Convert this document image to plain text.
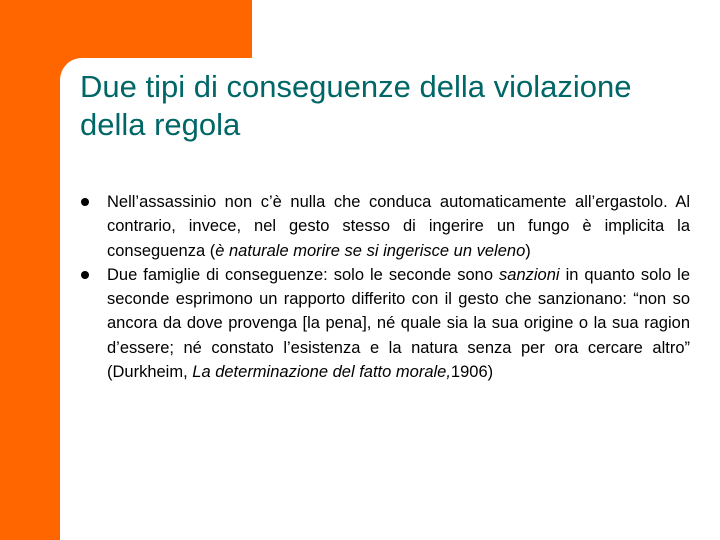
Due tipi di conseguenze della violazione della regola
Nell’assassinio non c’è nulla che conduca automaticamente all’ergastolo. Al contrario, invece, nel gesto stesso di ingerire un fungo è implicita la conseguenza (è naturale morire se si ingerisce un veleno)
Due famiglie di conseguenze: solo le seconde sono sanzioni in quanto solo le seconde esprimono un rapporto differito con il gesto che sanzionano: “non so ancora da dove provenga [la pena], né quale sia la sua origine o la sua ragion d’essere; né constato l’esistenza e la natura senza per ora cercare altro” (Durkheim, La determinazione del fatto morale,1906)
